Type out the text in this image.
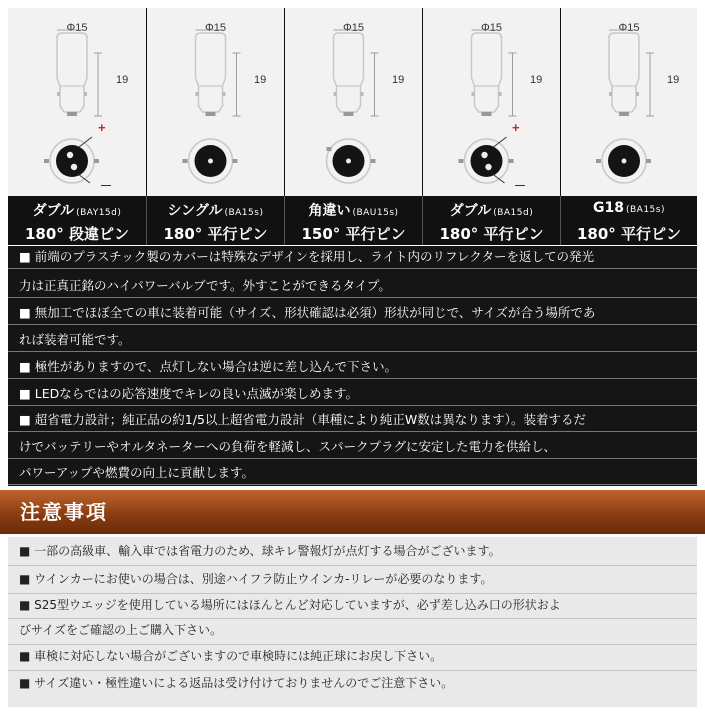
Φ15
19
+
—
ダブル (BAY15d)
180° 段違ピン
Φ15
19
シングル (BA15s)
180° 平行ピン
Φ15
19
角違い (BAU15s)
150° 平行ピン
Φ15
19
+
—
ダブル (BA15d)
180° 平行ピン
Φ15
19
G18 (BA15s)
180° 平行ピン
■ 前端のプラスチック製のカバーは特殊なデザインを採用し、ライト内のリフレクターを返しての発光
力は正真正銘のハイパワーバルブです。外すことができるタイプ。
■ 無加工でほぼ全ての車に装着可能（サイズ、形状確認は必須）形状が同じで、サイズが合う場所であ
れば装着可能です。
■ 極性がありますので、点灯しない場合は逆に差し込んで下さい。
■ LEDならではの応答速度でキレの良い点滅が楽しめます。
■ 超省電力設計；純正品の約1/5以上超省電力設計（車種により純正W数は異なります）。装着するだ
けでバッテリーやオルタネーターへの負荷を軽減し、スパークプラグに安定した電力を供給し、
パワーアップや燃費の向上に貢献します。
注意事項
■ 一部の高級車、輸入車では省電力のため、球キレ警報灯が点灯する場合がございます。
■ ウインカーにお使いの場合は、別途ハイフラ防止ウインカ-リレーが必要のなります。
■ S25型ウエッジを使用している場所にはほんとんど対応していますが、必ず差し込み口の形状およ
びサイズをご確認の上ご購入下さい。
■ 車検に対応しない場合がございますので車検時には純正球にお戻し下さい。
■ サイズ違い・極性違いによる返品は受け付けておりませんのでご注意下さい。
